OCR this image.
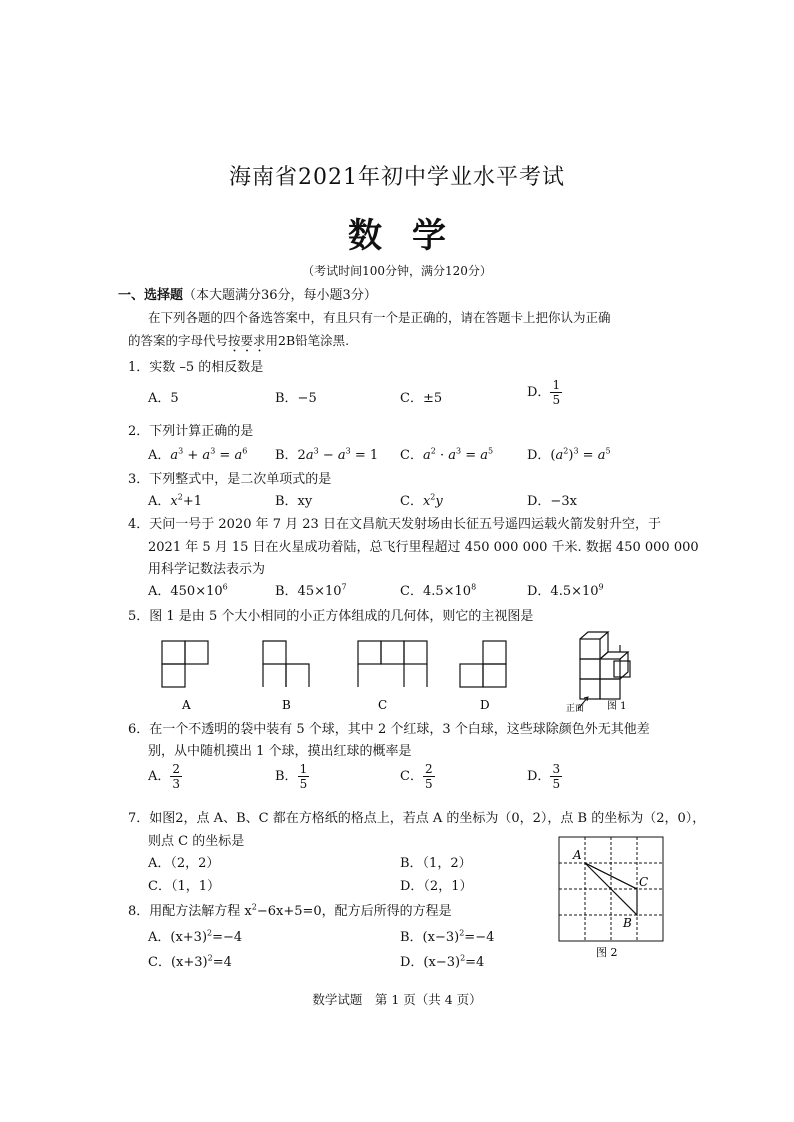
海南省2021年初中学业水平考试
数学
（考试时间100分钟，满分120分）
一、选择题（本大题满分36分，每小题3分）
在下列各题的四个备选答案中，有且只有一个是正确的，请在答题卡上把你认为正确
的答案的字母代号按要求用2B铅笔涂黑.
1．实数 –5 的相反数是
A．5	B．−5	C．±5	D． $\frac{1}{5}$
2．下列计算正确的是
A．$a^3 + a^3 = a^6$ B．$2a^3 - a^3 = 1$ C．$a^2 \cdot a^3 = a^5$	D．$(a^2)^3 = a^5$
3．下列整式中，是二次单项式的是
A．$x^2+1$	B．xy	C．$x^2y$	D．−3x
4．天问一号于 2020 年 7 月 23 日在文昌航天发射场由长征五号遥四运载火箭发射升空，于
2021 年 5 月 15 日在火星成功着陆，总飞行里程超过 450 000 000 千米. 数据 450 000 000
用科学记数法表示为
A．$450\times 10^6$	B．$45\times 10^7$	C．$4.5\times 10^8$	D．$4.5\times 10^9$
5．图 1 是由 5 个大小相同的小正方体组成的几何体，则它的主视图是
A	B	C	D	正面 图 1
6．在一个不透明的袋中装有 5 个球，其中 2 个红球，3 个白球，这些球除颜色外无其他差
别，从中随机摸出 1 个球，摸出红球的概率是
A． $\frac{2}{3}$	B． $\frac{1}{5}$	C． $\frac{2}{5}$	D． $\frac{3}{5}$
7．如图2，点 A、B、C 都在方格纸的格点上，若点 A 的坐标为（0，2），点 B 的坐标为（2，0），
则点 C 的坐标是
A．（2，2）	B．（1，2）
C．（1，1）	D．（2，1）
A
C
B
图 2
8．用配方法解方程 $x^2-6x+5=0$，配方后所得的方程是
A．$(x+3)^2=-4$	B．$(x-3)^2=-4$
C．$(x+3)^2=4$	D．$(x-3)^2=4$
数学试题　第 1 页（共 4 页）
